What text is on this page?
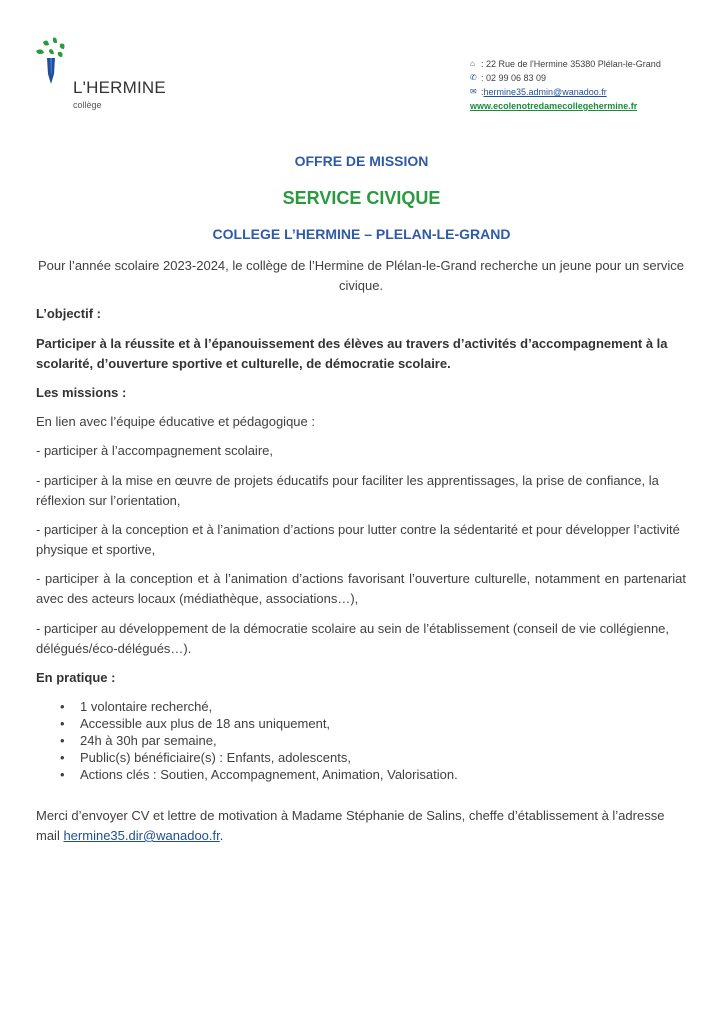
L'HERMINE
collège
⌂ : 22 Rue de l'Hermine 35380 Plélan-le-Grand
✆ : 02 99 06 83 09
✉ : hermine35.admin@wanadoo.fr
www.ecolenotredamecollegehermine.fr
OFFRE DE MISSION
SERVICE CIVIQUE
COLLEGE L’HERMINE – PLELAN-LE-GRAND
Pour l’année scolaire 2023-2024, le collège de l’Hermine de Plélan-le-Grand recherche un jeune pour un service civique.
L’objectif :
Participer à la réussite et à l’épanouissement des élèves au travers d’activités d’accompagnement à la scolarité, d’ouverture sportive et culturelle, de démocratie scolaire.
Les missions :
En lien avec l’équipe éducative et pédagogique :
- participer à l’accompagnement scolaire,
- participer à la mise en œuvre de projets éducatifs pour faciliter les apprentissages, la prise de confiance, la réflexion sur l’orientation,
- participer à la conception et à l’animation d’actions pour lutter contre la sédentarité et pour développer l’activité physique et sportive,
- participer à la conception et à l’animation d’actions favorisant l’ouverture culturelle, notamment en partenariat avec des acteurs locaux (médiathèque, associations…),
- participer au développement de la démocratie scolaire au sein de l’établissement (conseil de vie collégienne, délégués/éco-délégués…).
En pratique :
• 1 volontaire recherché,
• Accessible aux plus de 18 ans uniquement,
• 24h à 30h par semaine,
• Public(s) bénéficiaire(s) : Enfants, adolescents,
• Actions clés : Soutien, Accompagnement, Animation, Valorisation.
Merci d’envoyer CV et lettre de motivation à Madame Stéphanie de Salins, cheffe d’établissement à l’adresse mail hermine35.dir@wanadoo.fr.
